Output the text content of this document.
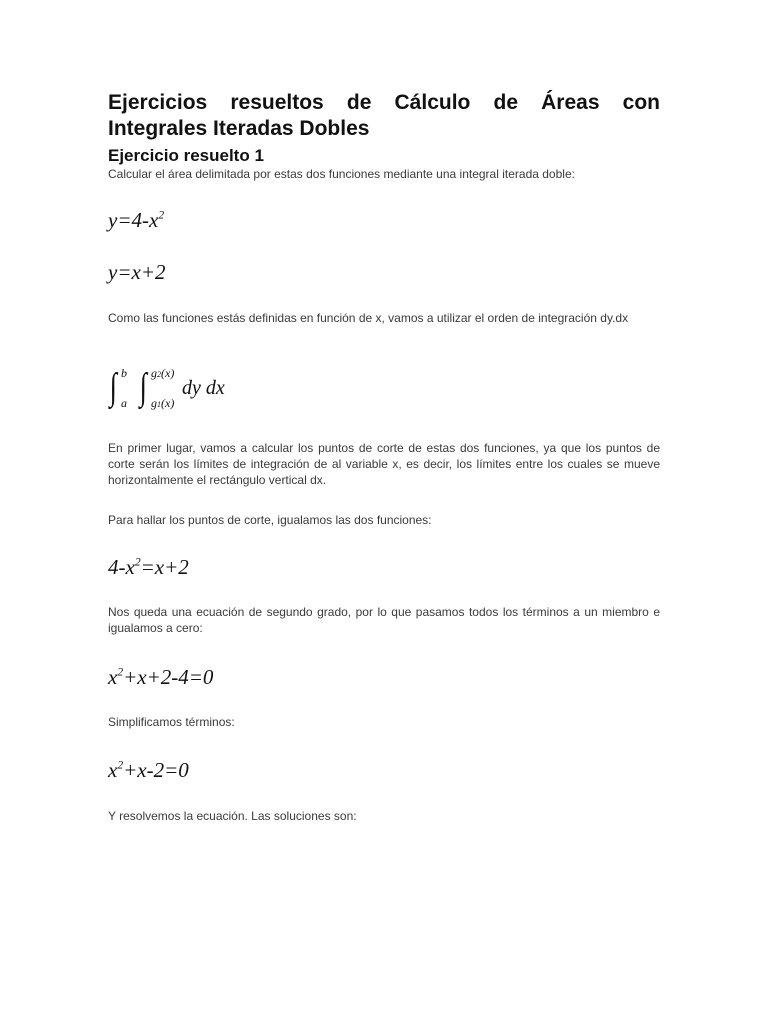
Ejercicios resueltos de Cálculo de Áreas con Integrales Iteradas Dobles
Ejercicio resuelto 1

Calcular el área delimitada por estas dos funciones mediante una integral iterada doble:

$y=4-x^2$
y=x+2

Como las funciones estás definidas en función de x, vamos a utilizar el orden de integración dy.dx

∫ b
a ∫ g2(x)
g1(x)
dy dx

En primer lugar, vamos a calcular los puntos de corte de estas dos funciones, ya que los puntos de corte serán los límites de integración de al variable x, es decir, los límites entre los cuales se mueve horizontalmente el rectángulo vertical dx.

Para hallar los puntos de corte, igualamos las dos funciones:

$4-x^2=x+2$

Nos queda una ecuación de segundo grado, por lo que pasamos todos los términos a un miembro e igualamos a cero:

$x^2+x+2-4=0$

Simplificamos términos:

$x^2+x-2=0$

Y resolvemos la ecuación. Las soluciones son:
